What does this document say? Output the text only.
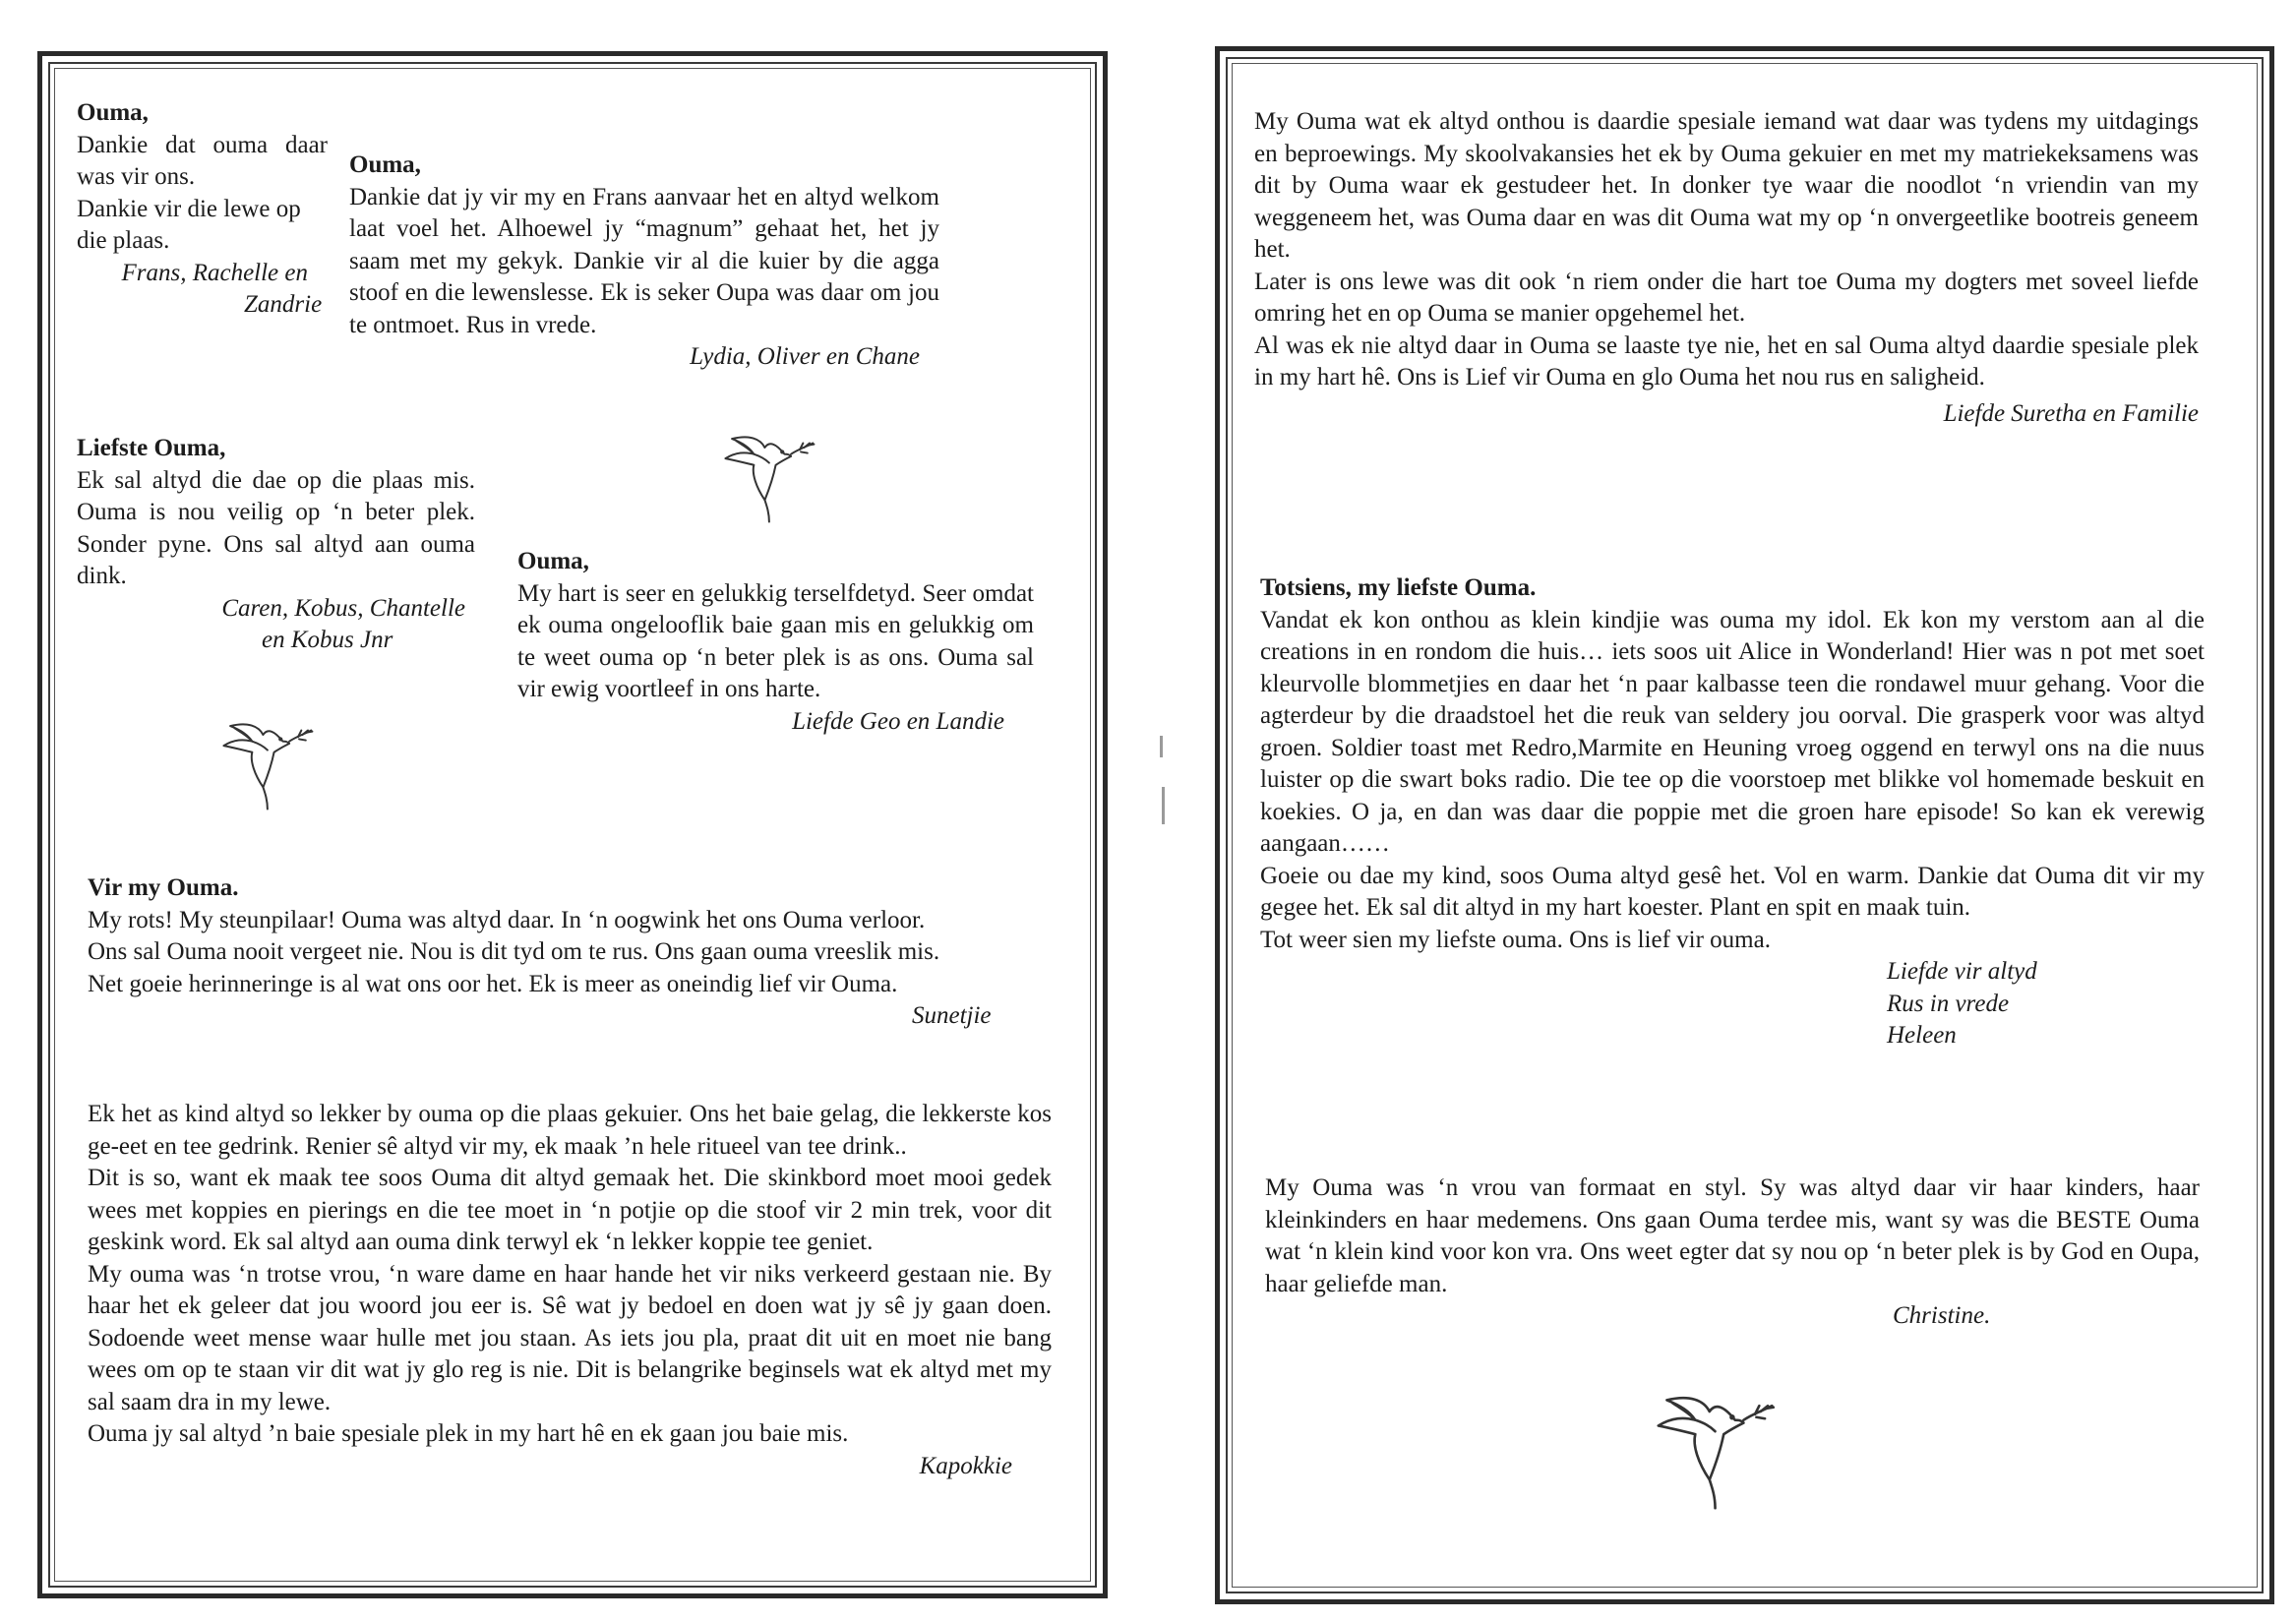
Ouma,

Dankie dat ouma daar was vir ons.

Dankie vir die lewe op die plaas.

Frans, Rachelle en

Zandrie

Ouma,

Dankie dat jy vir my en Frans aanvaar het en altyd welkom laat voel het. Alhoewel jy “magnum” gehaat het, het jy saam met my gekyk. Dankie vir al die kuier by die agga stoof en die lewenslesse. Ek is seker Oupa was daar om jou te ontmoet. Rus in vrede.

Lydia, Oliver en Chane

Liefste Ouma,

Ek sal altyd die dae op die plaas mis. Ouma is nou veilig op ‘n beter plek. Sonder pyne. Ons sal altyd aan ouma dink.

Caren, Kobus, Chantelle

en Kobus Jnr

Ouma,

My hart is seer en gelukkig terselfdetyd. Seer omdat ek ouma ongelooflik baie gaan mis en gelukkig om te weet ouma op ‘n beter plek is as ons. Ouma sal vir ewig voortleef in ons harte.

Liefde Geo en Landie

Vir my Ouma.

My rots! My steunpilaar! Ouma was altyd daar. In ‘n oogwink het ons Ouma verloor.

Ons sal Ouma nooit vergeet nie. Nou is dit tyd om te rus. Ons gaan ouma vreeslik mis.

Net goeie herinneringe is al wat ons oor het. Ek is meer as oneindig lief vir Ouma.

Sunetjie

Ek het as kind altyd so lekker by ouma op die plaas gekuier. Ons het baie gelag, die lekkerste kos ge-eet en tee gedrink. Renier sê altyd vir my, ek maak ’n hele ritueel van tee drink..

Dit is so, want ek maak tee soos Ouma dit altyd gemaak het. Die skinkbord moet mooi gedek wees met koppies en pierings en die tee moet in ‘n potjie op die stoof vir 2 min trek, voor dit geskink word. Ek sal altyd aan ouma dink terwyl ek ‘n lekker koppie tee geniet.

My ouma was ‘n trotse vrou, ‘n ware dame en haar hande het vir niks verkeerd gestaan nie. By haar het ek geleer dat jou woord jou eer is. Sê wat jy bedoel en doen wat jy sê jy gaan doen. Sodoende weet mense waar hulle met jou staan. As iets jou pla, praat dit uit en moet nie bang wees om op te staan vir dit wat jy glo reg is nie. Dit is belangrike beginsels wat ek altyd met my sal saam dra in my lewe.

Ouma jy sal altyd ’n baie spesiale plek in my hart hê en ek gaan jou baie mis.

Kapokkie

My Ouma wat ek altyd onthou is daardie spesiale iemand wat daar was tydens my uitdagings en beproewings. My skoolvakansies het ek by Ouma gekuier en met my matriekeksamens was dit by Ouma waar ek gestudeer het. In donker tye waar die noodlot ‘n vriendin van my weggeneem het, was Ouma daar en was dit Ouma wat my op ‘n onvergeetlike bootreis geneem het.

Later is ons lewe was dit ook ‘n riem onder die hart toe Ouma my dogters met soveel liefde omring het en op Ouma se manier opgehemel het.

Al was ek nie altyd daar in Ouma se laaste tye nie, het en sal Ouma altyd daardie spesiale plek in my hart hê. Ons is Lief vir Ouma en glo Ouma het nou rus en saligheid.

Liefde Suretha en Familie

Totsiens, my liefste Ouma.

Vandat ek kon onthou as klein kindjie was ouma my idol. Ek kon my verstom aan al die creations in en rondom die huis… iets soos uit Alice in Wonderland! Hier was n pot met soet kleurvolle blommetjies en daar het ‘n paar kalbasse teen die rondawel muur gehang. Voor die agterdeur by die draadstoel het die reuk van seldery jou oorval. Die grasperk voor was altyd groen. Soldier toast met Redro,Marmite en Heuning vroeg oggend en terwyl ons na die nuus luister op die swart boks radio. Die tee op die voorstoep met blikke vol homemade beskuit en koekies. O ja, en dan was daar die poppie met die groen hare episode! So kan ek verewig aangaan……

Goeie ou dae my kind, soos Ouma altyd gesê het. Vol en warm. Dankie dat Ouma dit vir my gegee het. Ek sal dit altyd in my hart koester. Plant en spit en maak tuin.

Tot weer sien my liefste ouma. Ons is lief vir ouma.

Liefde vir altyd

Rus in vrede

Heleen

My Ouma was ‘n vrou van formaat en styl. Sy was altyd daar vir haar kinders, haar kleinkinders en haar medemens. Ons gaan Ouma terdee mis, want sy was die BESTE Ouma wat ‘n klein kind voor kon vra. Ons weet egter dat sy nou op ‘n beter plek is by God en Oupa, haar geliefde man.

Christine.
